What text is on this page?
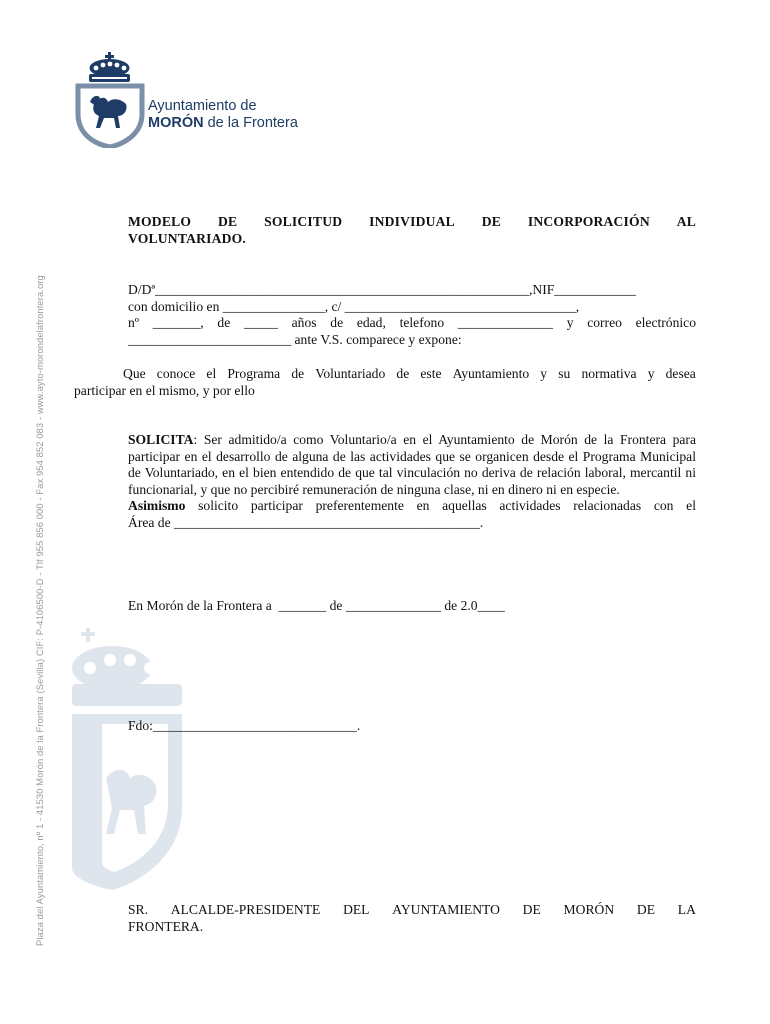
Ayuntamiento de
MORÓN de la Frontera
Plaza del Ayuntamiento, nº 1 - 41530 Morón de la Frontera (Sevilla) CIF: P-4106500-D - Tlf 955 856 000 - Fax 954 852 083 - www.ayto-morondelafrontera.org
MODELO DE SOLICITUD INDIVIDUAL DE INCORPORACIÓN AL
VOLUNTARIADO.
D/Dª_______________________________________________________,NIF____________
con domicilio en _______________, c/ __________________________________,
nº _______, de _____ años de edad, telefono ______________ y correo electrónico
________________________ ante V.S. comparece y expone:
Que conoce el Programa de Voluntariado de este Ayuntamiento y su normativa y desea
participar en el mismo, y por ello
SOLICITA: Ser admitido/a como Voluntario/a en el Ayuntamiento de Morón de la Frontera para participar en el desarrollo de alguna de las actividades que se organicen desde el Programa Municipal de Voluntariado, en el bien entendido de que tal vinculación no deriva de relación laboral, mercantil ni funcionarial, y que no percibiré remuneración de ninguna clase, ni en dinero ni en especie.
Asimismo solicito participar preferentemente en aquellas actividades relacionadas con el
Área de _____________________________________________.
En Morón de la Frontera a  _______ de ______________ de 2.0____
Fdo:______________________________.
SR. ALCALDE-PRESIDENTE DEL AYUNTAMIENTO DE MORÓN DE LA
FRONTERA.
